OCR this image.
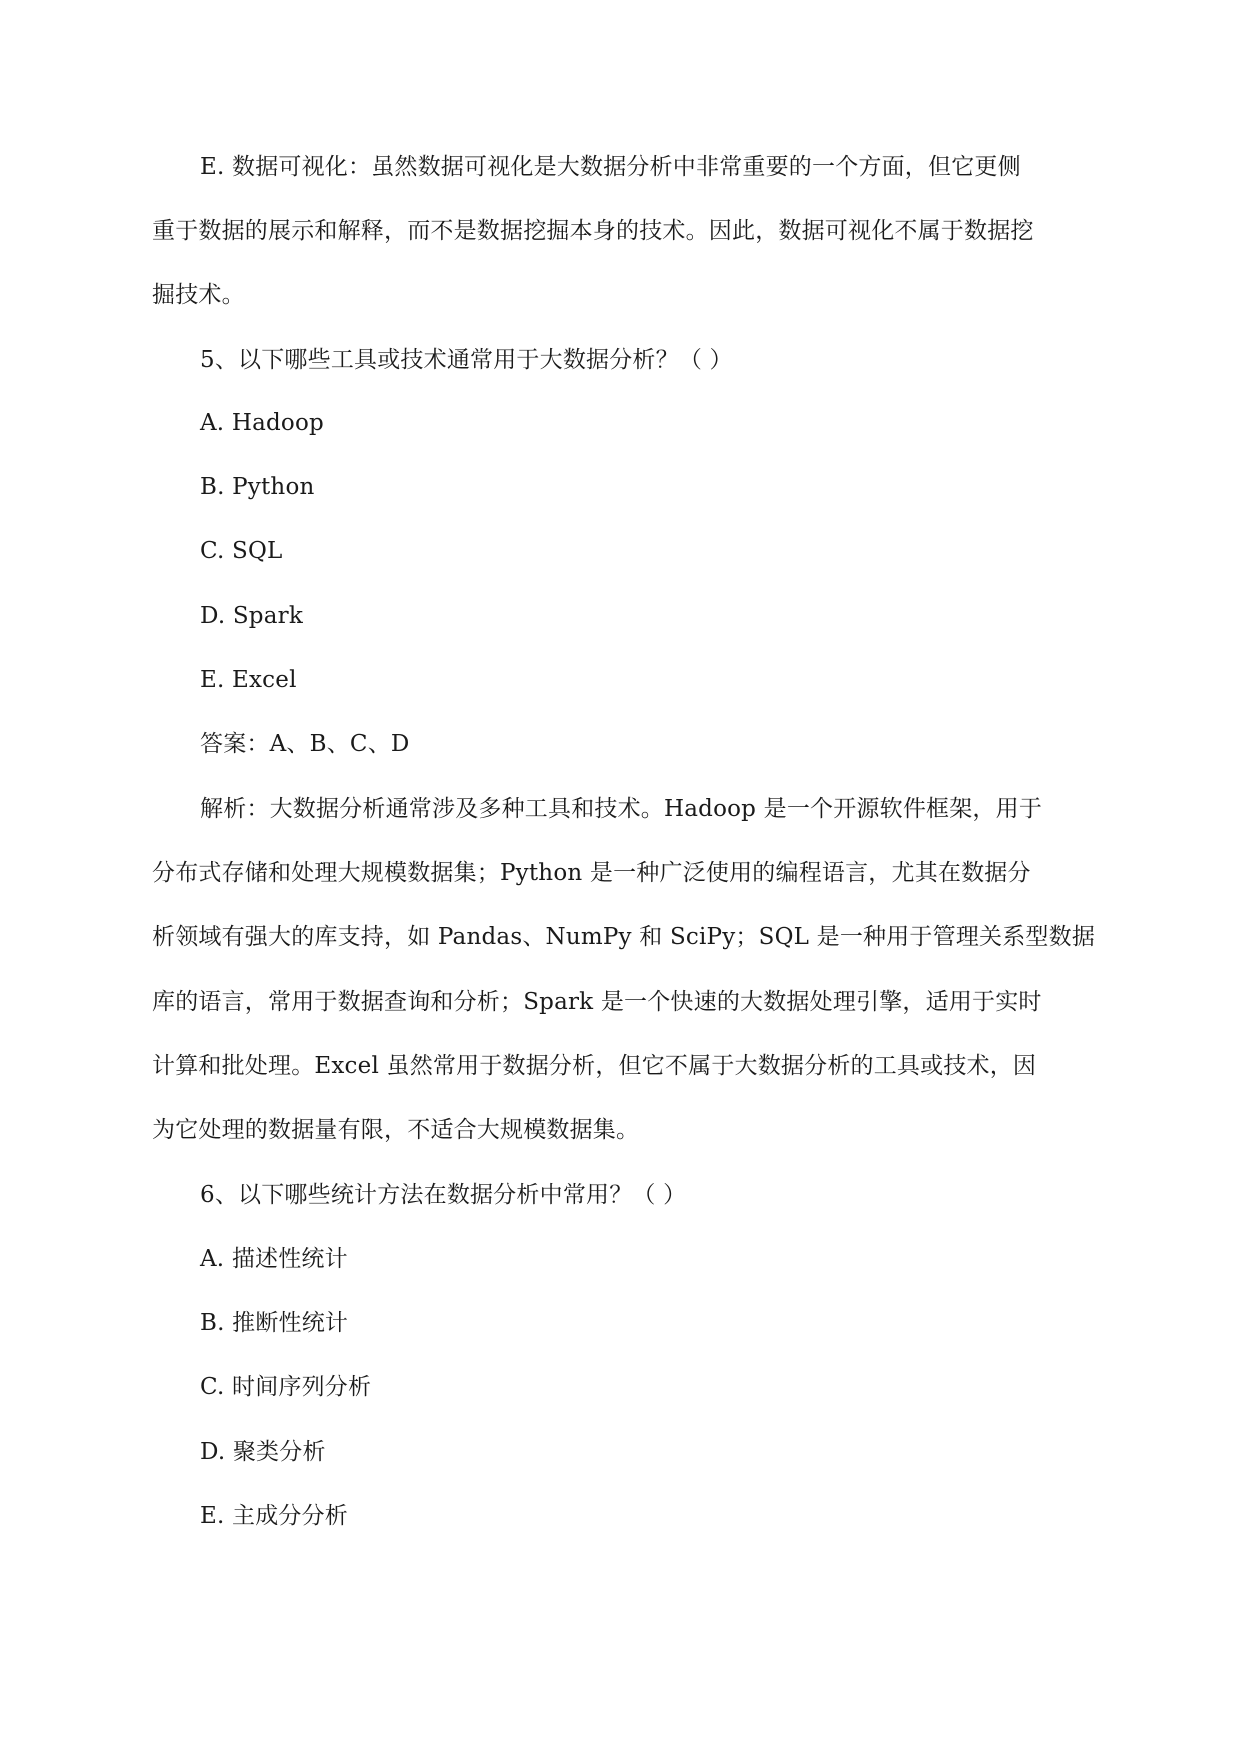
E. 数据可视化：虽然数据可视化是大数据分析中非常重要的一个方面，但它更侧
重于数据的展示和解释，而不是数据挖掘本身的技术。因此，数据可视化不属于数据挖
掘技术。
5、以下哪些工具或技术通常用于大数据分析？（ ）
A. Hadoop
B. Python
C. SQL
D. Spark
E. Excel
答案：A、B、C、D
解析：大数据分析通常涉及多种工具和技术。Hadoop 是一个开源软件框架，用于
分布式存储和处理大规模数据集；Python 是一种广泛使用的编程语言，尤其在数据分
析领域有强大的库支持，如 Pandas、NumPy 和 SciPy；SQL 是一种用于管理关系型数据
库的语言，常用于数据查询和分析；Spark 是一个快速的大数据处理引擎，适用于实时
计算和批处理。Excel 虽然常用于数据分析，但它不属于大数据分析的工具或技术，因
为它处理的数据量有限，不适合大规模数据集。
6、以下哪些统计方法在数据分析中常用？（ ）
A. 描述性统计
B. 推断性统计
C. 时间序列分析
D. 聚类分析
E. 主成分分析
